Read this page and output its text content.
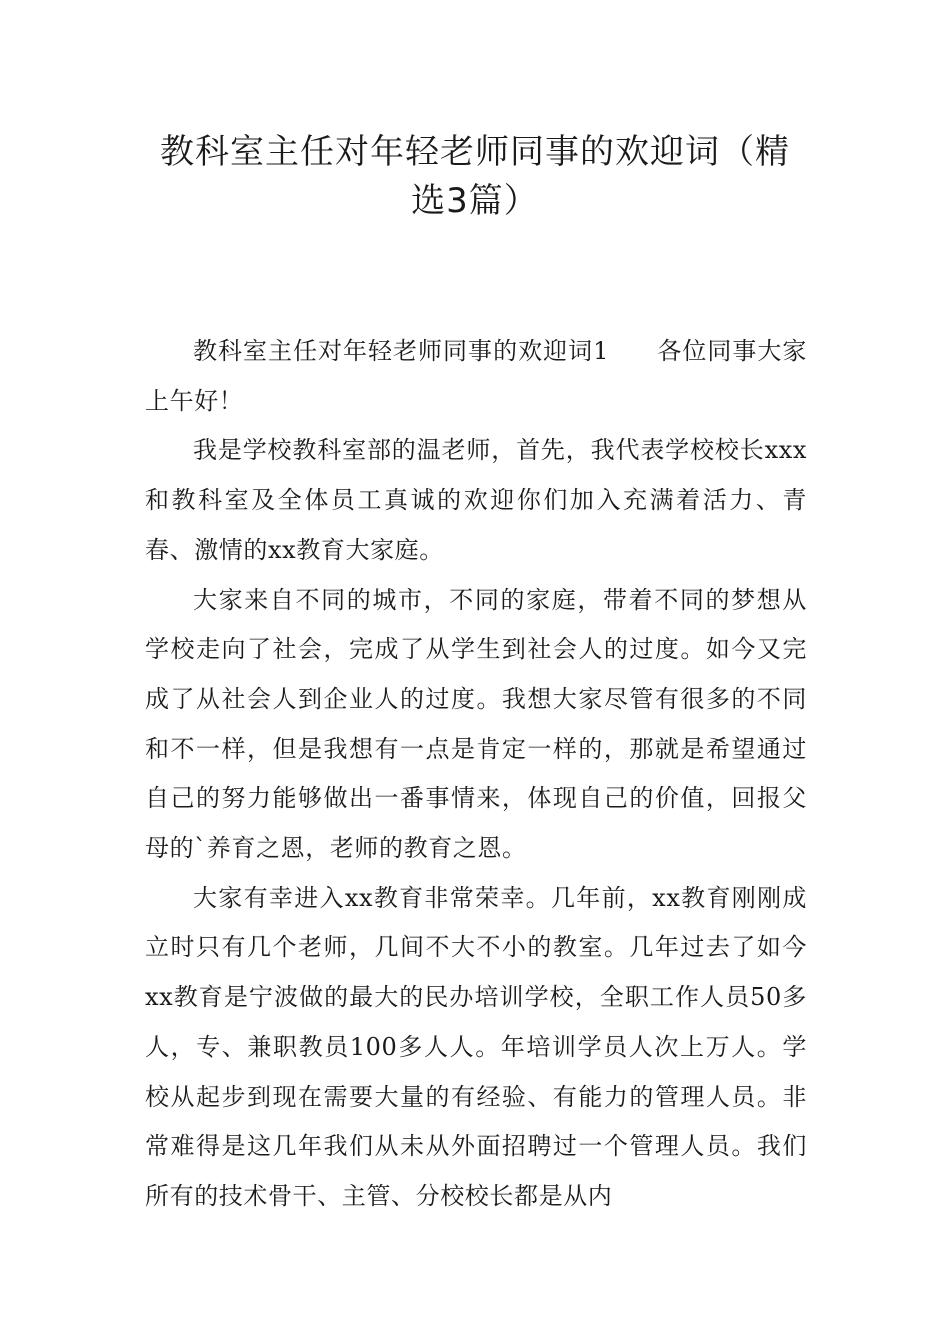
教科室主任对年轻老师同事的欢迎词（精
选3篇）

教科室主任对年轻老师同事的欢迎词1 各位同事大家上午好！

我是学校教科室部的温老师，首先，我代表学校校长xxx和教科室及全体员工真诚的欢迎你们加入充满着活力、青春、激情的xx教育大家庭。

大家来自不同的城市，不同的家庭，带着不同的梦想从学校走向了社会，完成了从学生到社会人的过度。如今又完成了从社会人到企业人的过度。我想大家尽管有很多的不同和不一样，但是我想有一点是肯定一样的，那就是希望通过自己的努力能够做出一番事情来，体现自己的价值，回报父母的`养育之恩，老师的教育之恩。

大家有幸进入xx教育非常荣幸。几年前，xx教育刚刚成立时只有几个老师，几间不大不小的教室。几年过去了如今xx教育是宁波做的最大的民办培训学校，全职工作人员50多人，专、兼职教员100多人人。年培训学员人次上万人。学校从起步到现在需要大量的有经验、有能力的管理人员。非常难得是这几年我们从未从外面招聘过一个管理人员。我们所有的技术骨干、主管、分校校长都是从内
